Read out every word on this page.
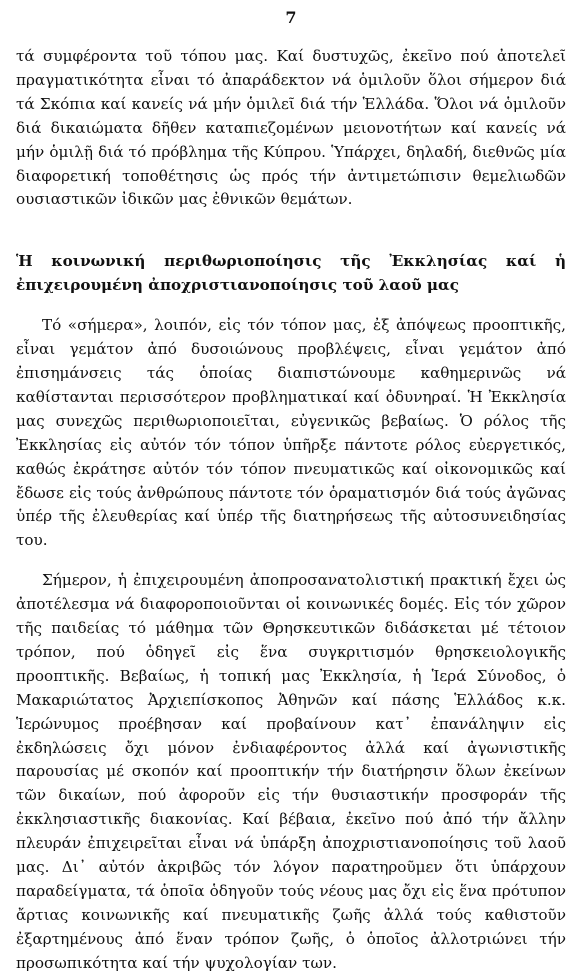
7

τά συμφέροντα τοῦ τόπου μας. Καί δυστυχῶς, ἐκεῖνο πού ἀποτελεῖ πραγματικότητα εἶναι τό ἀπαράδεκτον νά ὁμιλοῦν ὅλοι σήμερον διά τά Σκόπια καί κανείς νά μήν ὁμιλεῖ διά τήν Ἑλλάδα. Ὅλοι νά ὁμιλοῦν διά δικαιώματα δῆθεν καταπιεζομένων μειονοτήτων καί κανείς νά μήν ὁμιλῇ διά τό πρόβλημα τῆς Κύπρου. Ὑπάρχει, δηλαδή, διεθνῶς μία διαφορετική τοποθέτησις ὡς πρός τήν ἀντιμετώπισιν θεμελιωδῶν ουσιαστικῶν ἰδικῶν μας ἐθνικῶν θεμάτων.

Ἡ κοινωνική περιθωριοποίησις τῆς Ἐκκλησίας καί ἡ ἐπιχειρουμένη ἀποχριστιανοποίησις τοῦ λαοῦ μας

Τό «σήμερα», λοιπόν, εἰς τόν τόπον μας, ἐξ ἀπόψεως προοπτικῆς, εἶναι γεμάτον ἀπό δυσοιώνους προβλέψεις, εἶναι γεμάτον ἀπό ἐπισημάνσεις τάς ὁποίας διαπιστώνουμε καθημερινῶς νά καθίστανται περισσότερον προβληματικαί καί ὀδυνηραί. Ἡ Ἐκκλησία μας συνεχῶς περιθωριοποιεῖται, εὐγενικῶς βεβαίως. Ὁ ρόλος τῆς Ἐκκλησίας εἰς αὐτόν τόν τόπον ὑπῆρξε πάντοτε ρόλος εὐεργετικός, καθώς ἐκράτησε αὐτόν τόν τόπον πνευματικῶς καί οἰκονομικῶς καί ἔδωσε εἰς τούς ἀνθρώπους πάντοτε τόν ὁραματισμόν διά τούς ἀγῶνας ὑπέρ τῆς ἐλευθερίας καί ὑπέρ τῆς διατηρήσεως τῆς αὐτοσυνειδησίας του.

Σήμερον, ἡ ἐπιχειρουμένη ἀποπροσανατολιστική πρακτική ἔχει ὡς ἀποτέλεσμα νά διαφοροποιοῦνται οἱ κοινωνικές δομές. Εἰς τόν χῶρον τῆς παιδείας τό μάθημα τῶν Θρησκευτικῶν διδάσκεται μέ τέτοιον τρόπον, πού ὁδηγεῖ εἰς ἕνα συγκριτισμόν θρησκειολογικῆς προοπτικῆς. Βεβαίως, ἡ τοπική μας Ἐκκλησία, ἡ Ἱερά Σύνοδος, ὁ Μακαριώτατος Ἀρχιεπίσκοπος Ἀθηνῶν καί πάσης Ἑλλάδος κ.κ. Ἱερώνυμος προέβησαν καί προβαίνουν κατ᾽ ἐπανάληψιν εἰς ἐκδηλώσεις ὄχι μόνον ἐνδιαφέροντος ἀλλά καί ἀγωνιστικῆς παρουσίας μέ σκοπόν καί προοπτικήν τήν διατήρησιν ὅλων ἐκείνων τῶν δικαίων, πού ἀφοροῦν εἰς τήν θυσιαστικήν προσφοράν τῆς ἐκκλησιαστικῆς διακονίας. Καί βέβαια, ἐκεῖνο πού ἀπό τήν ἄλλην πλευράν ἐπιχειρεῖται εἶναι νά ὑπάρξη ἀποχριστιανοποίησις τοῦ λαοῦ μας. Δι᾽ αὐτόν ἀκριβῶς τόν λόγον παρατηροῦμεν ὅτι ὑπάρχουν παραδείγματα, τά ὁποῖα ὁδηγοῦν τούς νέους μας ὄχι εἰς ἕνα πρότυπον ἄρτιας κοινωνικῆς καί πνευματικῆς ζωῆς ἀλλά τούς καθιστοῦν ἐξαρτημένους ἀπό ἕναν τρόπον ζωῆς, ὁ ὁποῖος ἀλλοτριώνει τήν προσωπικότητα καί τήν ψυχολογίαν των.
